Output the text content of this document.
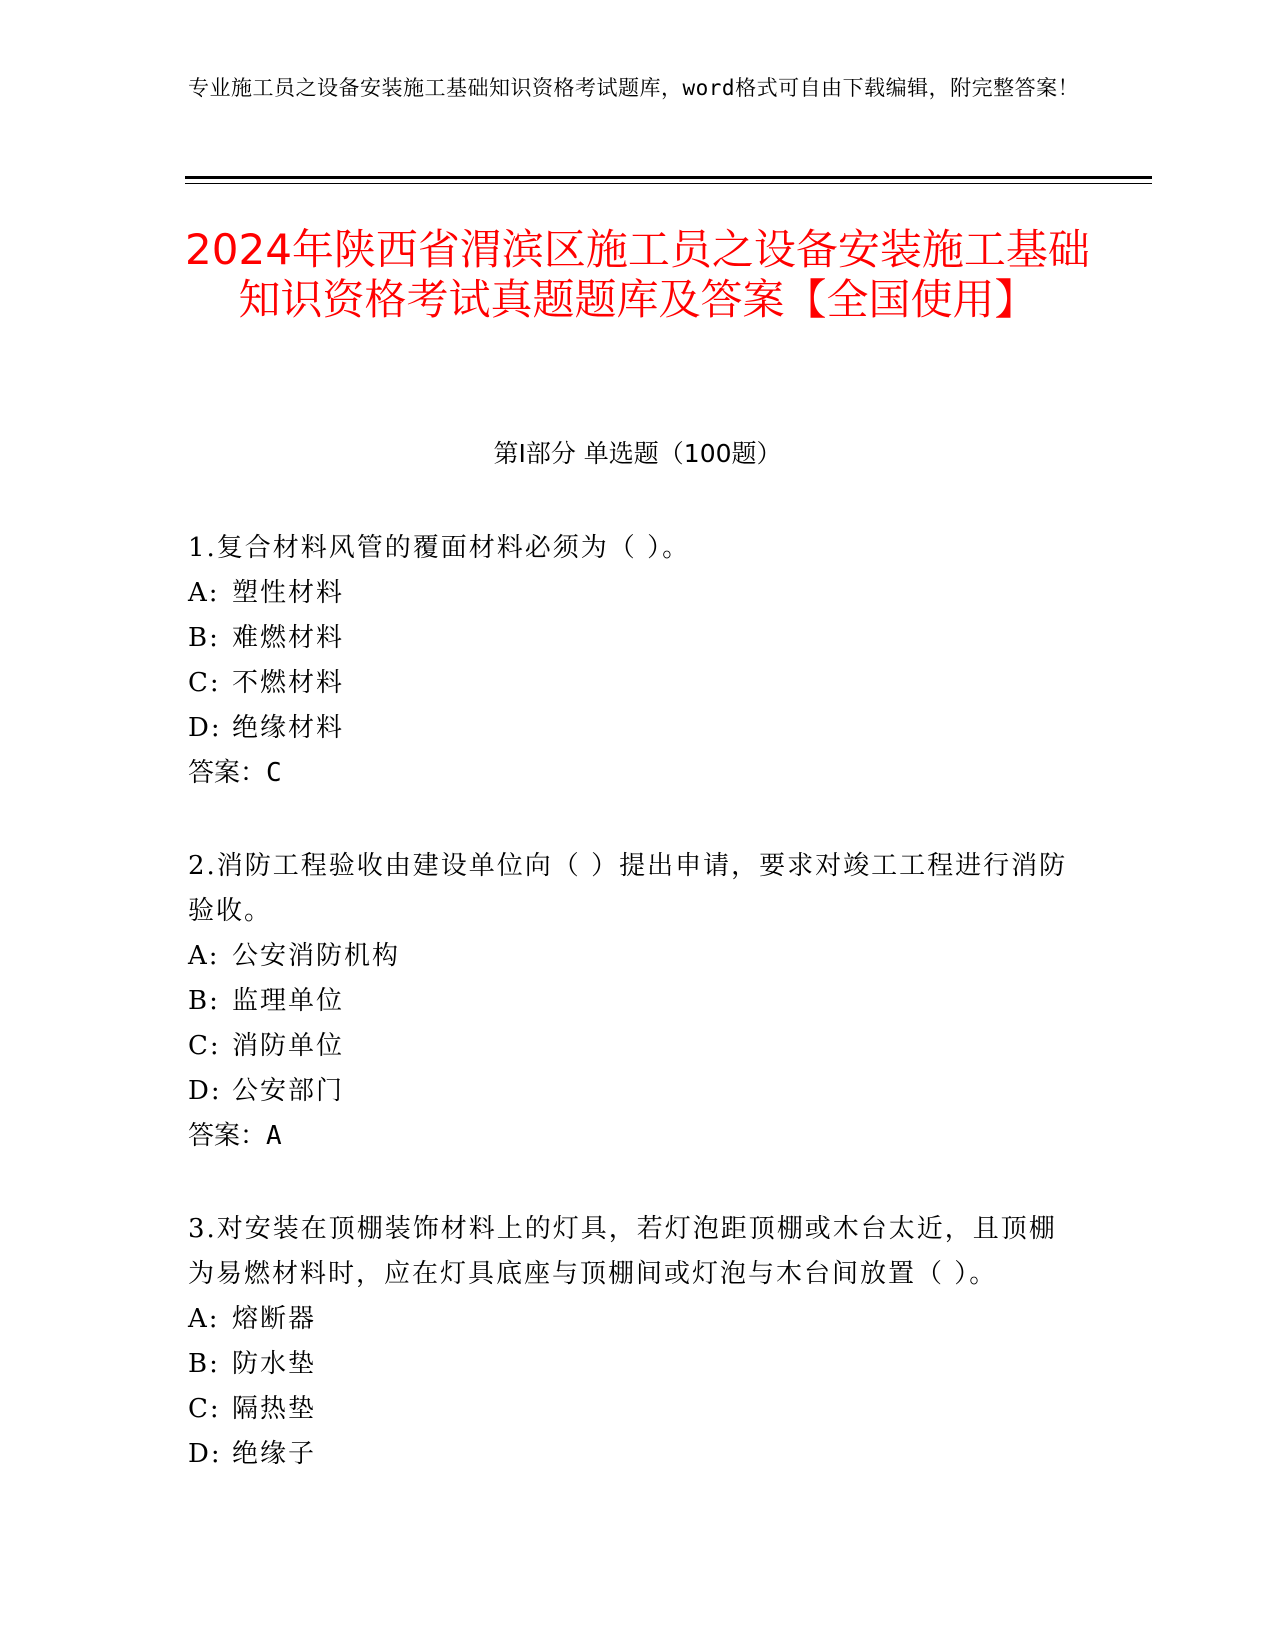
专业施工员之设备安装施工基础知识资格考试题库，word格式可自由下载编辑，附完整答案！
2024年陕西省渭滨区施工员之设备安装施工基础知识资格考试真题题库及答案【全国使用】
第I部分 单选题（100题）
1.复合材料风管的覆面材料必须为（ ）。
A: 塑性材料
B: 难燃材料
C: 不燃材料
D: 绝缘材料
答案：C
2.消防工程验收由建设单位向（ ）提出申请，要求对竣工工程进行消防验收。
A: 公安消防机构
B: 监理单位
C: 消防单位
D: 公安部门
答案：A
3.对安装在顶棚装饰材料上的灯具，若灯泡距顶棚或木台太近，且顶棚为易燃材料时，应在灯具底座与顶棚间或灯泡与木台间放置（ ）。
A: 熔断器
B: 防水垫
C: 隔热垫
D: 绝缘子
